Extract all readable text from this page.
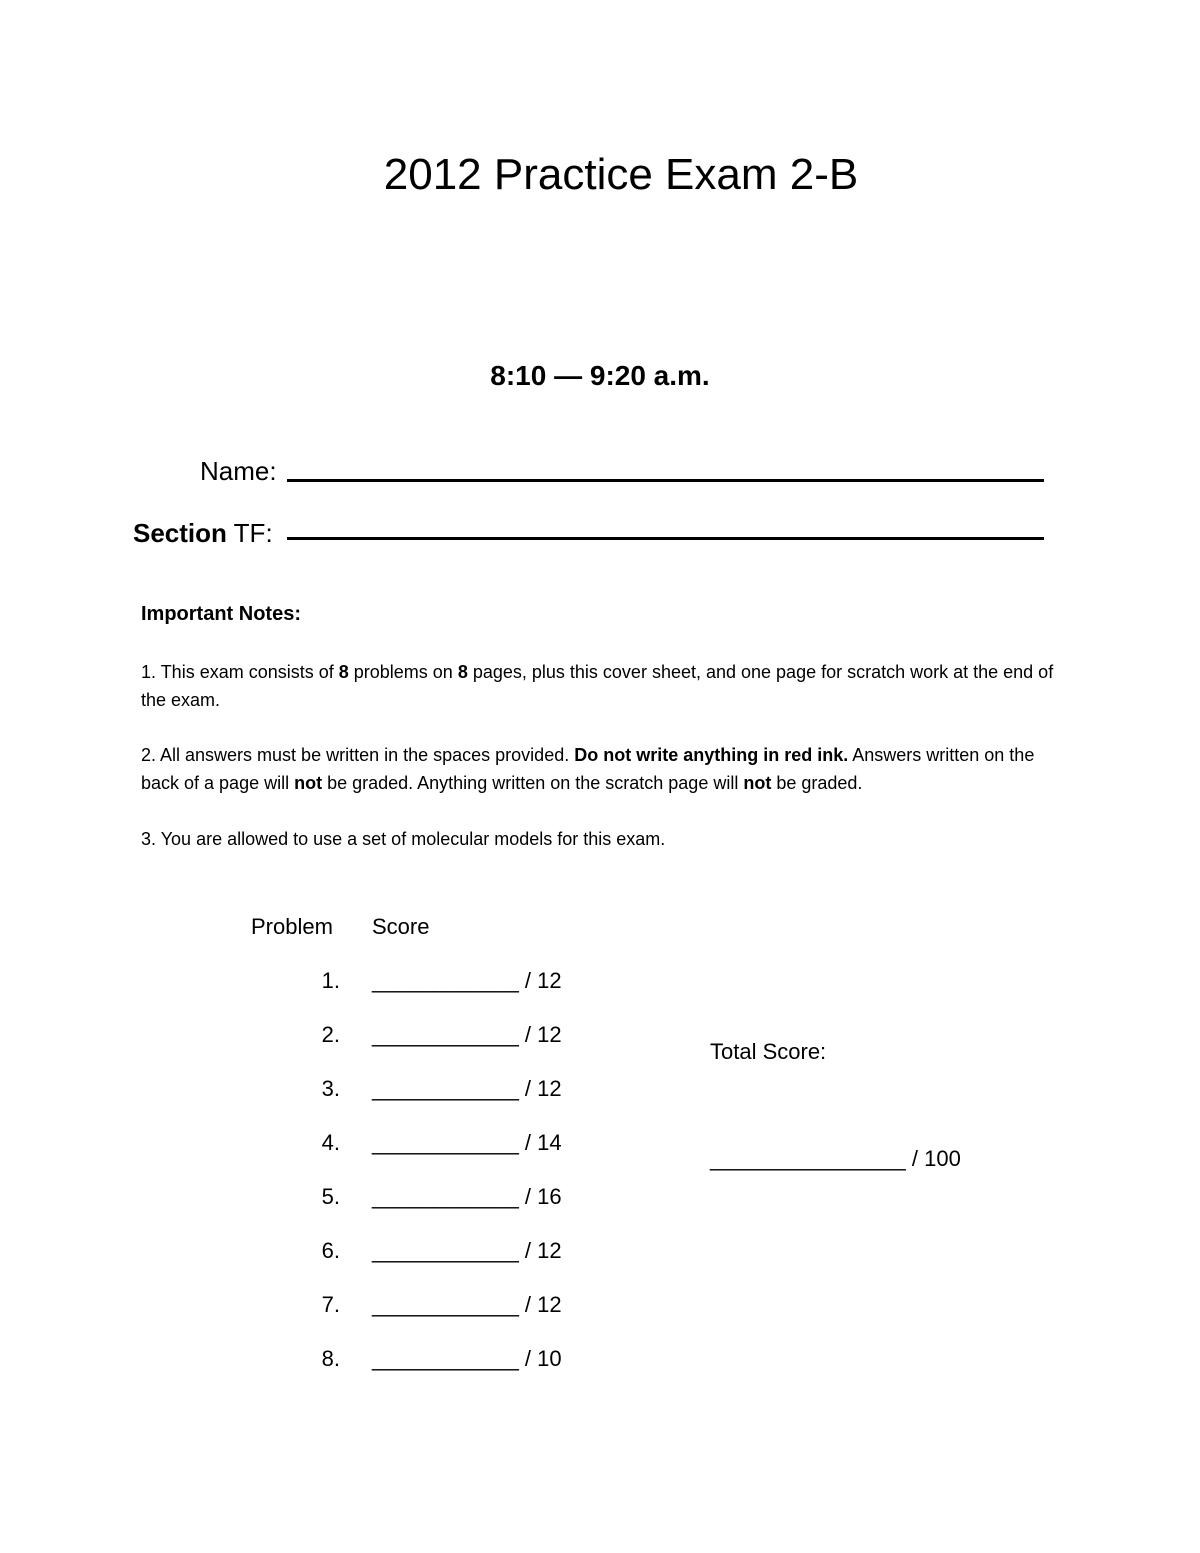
2012 Practice Exam 2-B
8:10 — 9:20 a.m.
Name:
Section TF:
Important Notes:
1. This exam consists of 8 problems on 8 pages, plus this cover sheet, and one page for scratch work at the end of the exam.
2. All answers must be written in the spaces provided. Do not write anything in red ink. Answers written on the back of a page will not be graded. Anything written on the scratch page will not be graded.
3. You are allowed to use a set of molecular models for this exam.
Problem Score
1. ____________ / 12
2. ____________ / 12
3. ____________ / 12
4. ____________ / 14
5. ____________ / 16
6. ____________ / 12
7. ____________ / 12
8. ____________ / 10
Total Score:
________________ / 100
